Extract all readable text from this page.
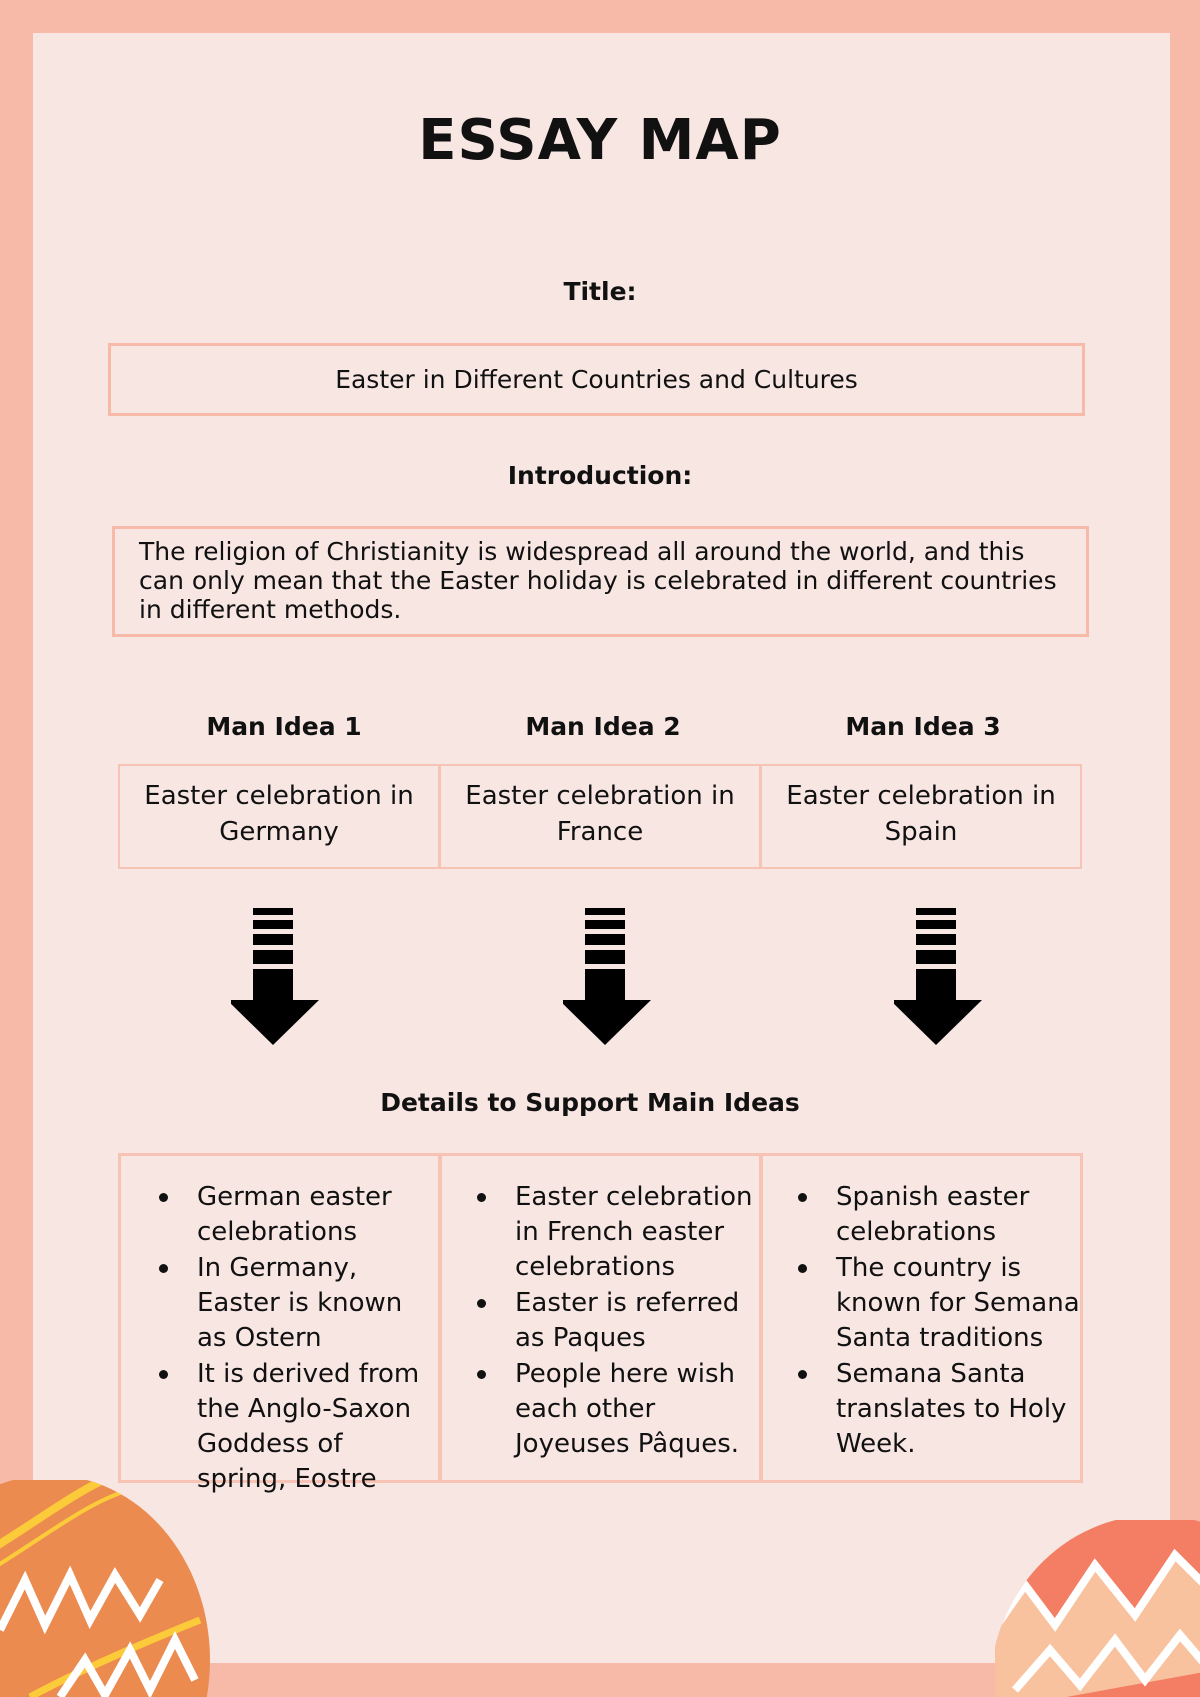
ESSAY MAP
Title:
Easter in Different Countries and Cultures
Introduction:
The religion of Christianity is widespread all around the world, and this can only mean that the Easter holiday is celebrated in different countries in different methods.
Man Idea 1	Man Idea 2	Man Idea 3
Easter celebration in Germany
Easter celebration in France
Easter celebration in Spain
Details to Support Main Ideas
German easter celebrations
In Germany, Easter is known as Ostern
It is derived from the Anglo-Saxon Goddess of spring, Eostre
Easter celebration in French easter celebrations
Easter is referred as Paques
People here wish each other Joyeuses Pâques.
Spanish easter celebrations
The country is known for Semana Santa traditions
Semana Santa translates to Holy Week.
